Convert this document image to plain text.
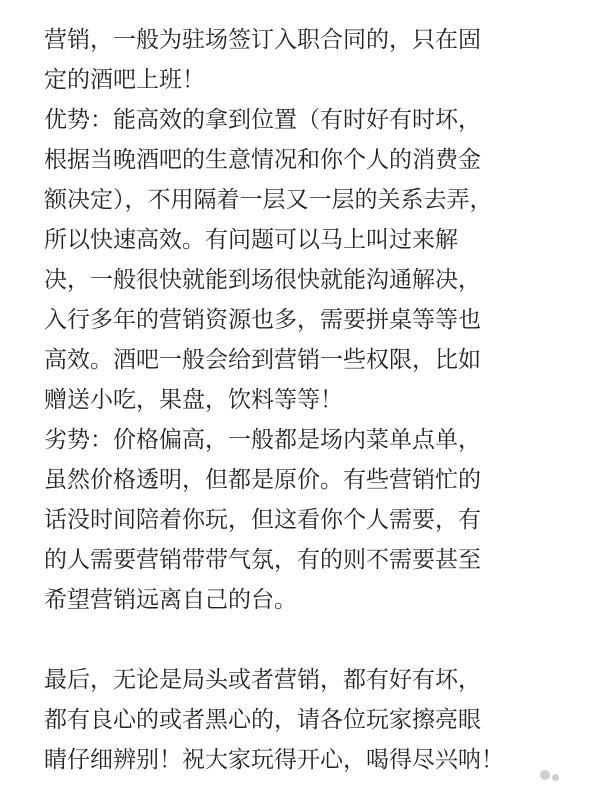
营销，一般为驻场签订入职合同的，只在固
定的酒吧上班！
优势：能高效的拿到位置（有时好有时坏，
根据当晚酒吧的生意情况和你个人的消费金
额决定），不用隔着一层又一层的关系去弄，
所以快速高效。有问题可以马上叫过来解
决，一般很快就能到场很快就能沟通解决，
入行多年的营销资源也多，需要拼桌等等也
高效。酒吧一般会给到营销一些权限，比如
赠送小吃，果盘，饮料等等！
劣势：价格偏高，一般都是场内菜单点单，
虽然价格透明，但都是原价。有些营销忙的
话没时间陪着你玩，但这看你个人需要，有
的人需要营销带带气氛，有的则不需要甚至
希望营销远离自己的台。
最后，无论是局头或者营销，都有好有坏，
都有良心的或者黑心的，请各位玩家擦亮眼
睛仔细辨别！祝大家玩得开心，喝得尽兴呐！
